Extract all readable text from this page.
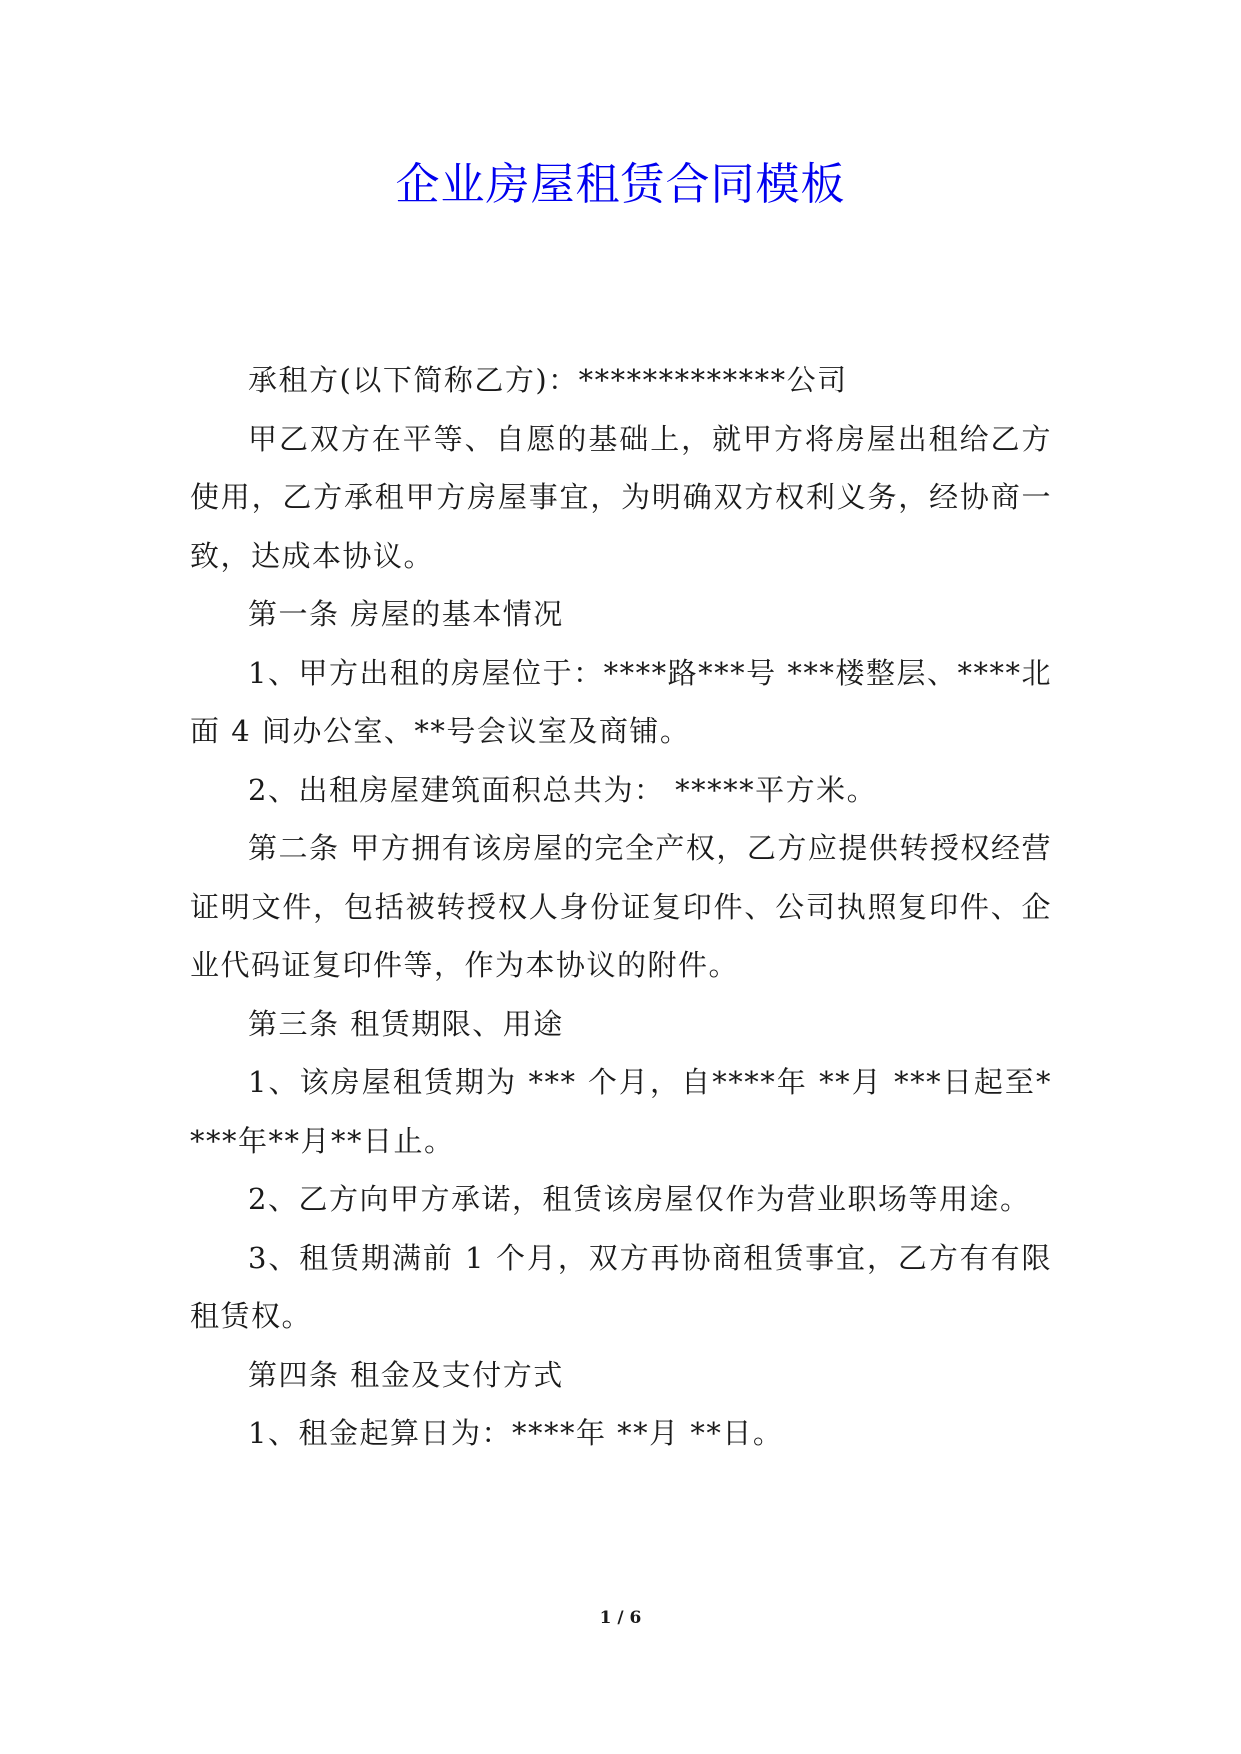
企业房屋租赁合同模板

承租方(以下简称乙方)：*************公司

甲乙双方在平等、自愿的基础上，就甲方将房屋出租给乙方使用，乙方承租甲方房屋事宜，为明确双方权利义务，经协商一致，达成本协议。

第一条 房屋的基本情况

1、甲方出租的房屋位于：****路***号 ***楼整层、****北面 4 间办公室、**号会议室及商铺。

2、出租房屋建筑面积总共为： *****平方米。

第二条 甲方拥有该房屋的完全产权，乙方应提供转授权经营证明文件，包括被转授权人身份证复印件、公司执照复印件、企业代码证复印件等，作为本协议的附件。

第三条 租赁期限、用途

1、该房屋租赁期为 *** 个月，自****年 **月 ***日起至****年**月**日止。

2、乙方向甲方承诺，租赁该房屋仅作为营业职场等用途。

3、租赁期满前 1 个月，双方再协商租赁事宜，乙方有有限租赁权。

第四条 租金及支付方式

1、租金起算日为：****年 **月 **日。

1 / 6
